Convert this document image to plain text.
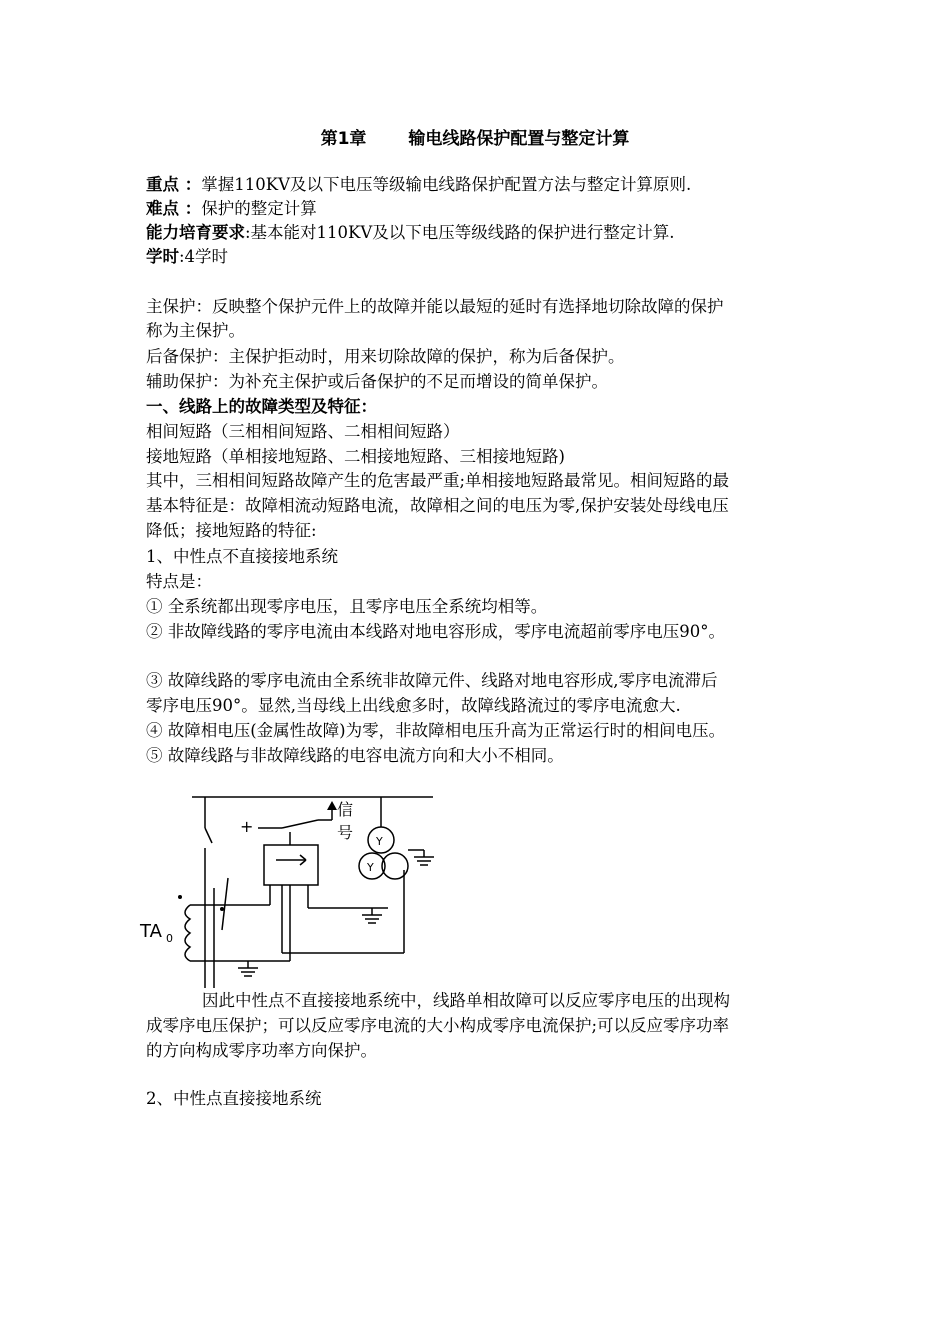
第1章 输电线路保护配置与整定计算
重点 ：掌握110KV及以下电压等级输电线路保护配置方法与整定计算原则.
难点 ：保护的整定计算
能力培育要求:基本能对110KV及以下电压等级线路的保护进行整定计算.
学时:4学时
主保护：反映整个保护元件上的故障并能以最短的延时有选择地切除故障的保护
称为主保护。
后备保护：主保护拒动时，用来切除故障的保护，称为后备保护。
辅助保护：为补充主保护或后备保护的不足而增设的简单保护。
一、线路上的故障类型及特征：
相间短路（三相相间短路、二相相间短路）
接地短路（单相接地短路、二相接地短路、三相接地短路)
其中，三相相间短路故障产生的危害最严重;单相接地短路最常见。相间短路的最
基本特征是：故障相流动短路电流，故障相之间的电压为零,保护安装处母线电压
降低；接地短路的特征:
1、中性点不直接接地系统
特点是：
① 全系统都出现零序电压，且零序电压全系统均相等。
② 非故障线路的零序电流由本线路对地电容形成，零序电流超前零序电压90°。
③ 故障线路的零序电流由全系统非故障元件、线路对地电容形成,零序电流滞后
零序电压90°。显然,当母线上出线愈多时，故障线路流过的零序电流愈大.
④ 故障相电压(金属性故障)为零，非故障相电压升高为正常运行时的相间电压。
⑤ 故障线路与非故障线路的电容电流方向和大小不相同。
信
号
+
TA 0
Y
Y
因此中性点不直接接地系统中，线路单相故障可以反应零序电压的出现构
成零序电压保护；可以反应零序电流的大小构成零序电流保护;可以反应零序功率
的方向构成零序功率方向保护。
2、中性点直接接地系统
